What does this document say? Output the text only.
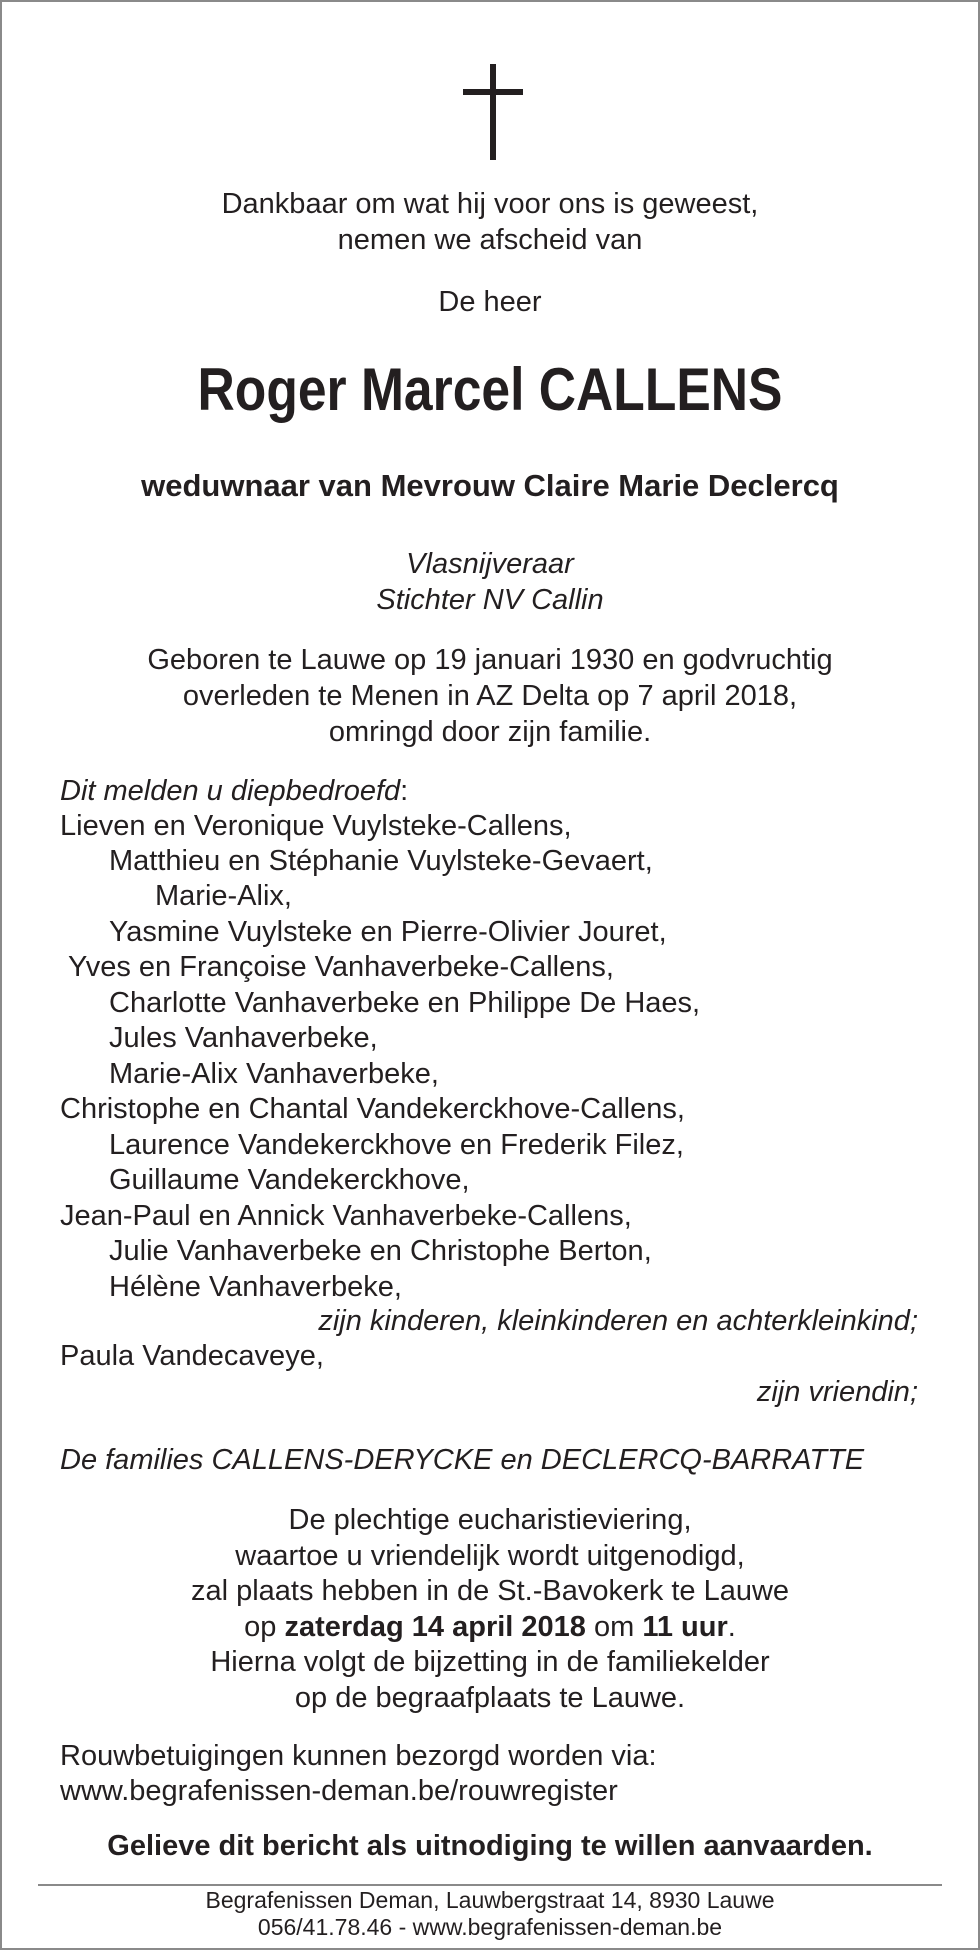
Dankbaar om wat hij voor ons is geweest,

nemen we afscheid van

De heer

Roger Marcel CALLENS

weduwnaar van Mevrouw Claire Marie Declercq

Vlasnijveraar

Stichter NV Callin

Geboren te Lauwe op 19 januari 1930 en godvruchtig

overleden te Menen in AZ Delta op 7 april 2018,

omringd door zijn familie.

Dit melden u diepbedroefd:

Lieven en Veronique Vuylsteke-Callens,

Matthieu en Stéphanie Vuylsteke-Gevaert,

Marie-Alix,

Yasmine Vuylsteke en Pierre-Olivier Jouret,

Yves en Françoise Vanhaverbeke-Callens,

Charlotte Vanhaverbeke en Philippe De Haes,

Jules Vanhaverbeke,

Marie-Alix Vanhaverbeke,

Christophe en Chantal Vandekerckhove-Callens,

Laurence Vandekerckhove en Frederik Filez,

Guillaume Vandekerckhove,

Jean-Paul en Annick Vanhaverbeke-Callens,

Julie Vanhaverbeke en Christophe Berton,

Hélène Vanhaverbeke,

zijn kinderen, kleinkinderen en achterkleinkind;

Paula Vandecaveye,

zijn vriendin;

De families CALLENS-DERYCKE en DECLERCQ-BARRATTE

De plechtige eucharistieviering,

waartoe u vriendelijk wordt uitgenodigd,

zal plaats hebben in de St.-Bavokerk te Lauwe

op zaterdag 14 april 2018 om 11 uur.

Hierna volgt de bijzetting in de familiekelder

op de begraafplaats te Lauwe.

Rouwbetuigingen kunnen bezorgd worden via:

www.begrafenissen-deman.be/rouwregister

Gelieve dit bericht als uitnodiging te willen aanvaarden.

Begrafenissen Deman, Lauwbergstraat 14, 8930 Lauwe

056/41.78.46 - www.begrafenissen-deman.be
